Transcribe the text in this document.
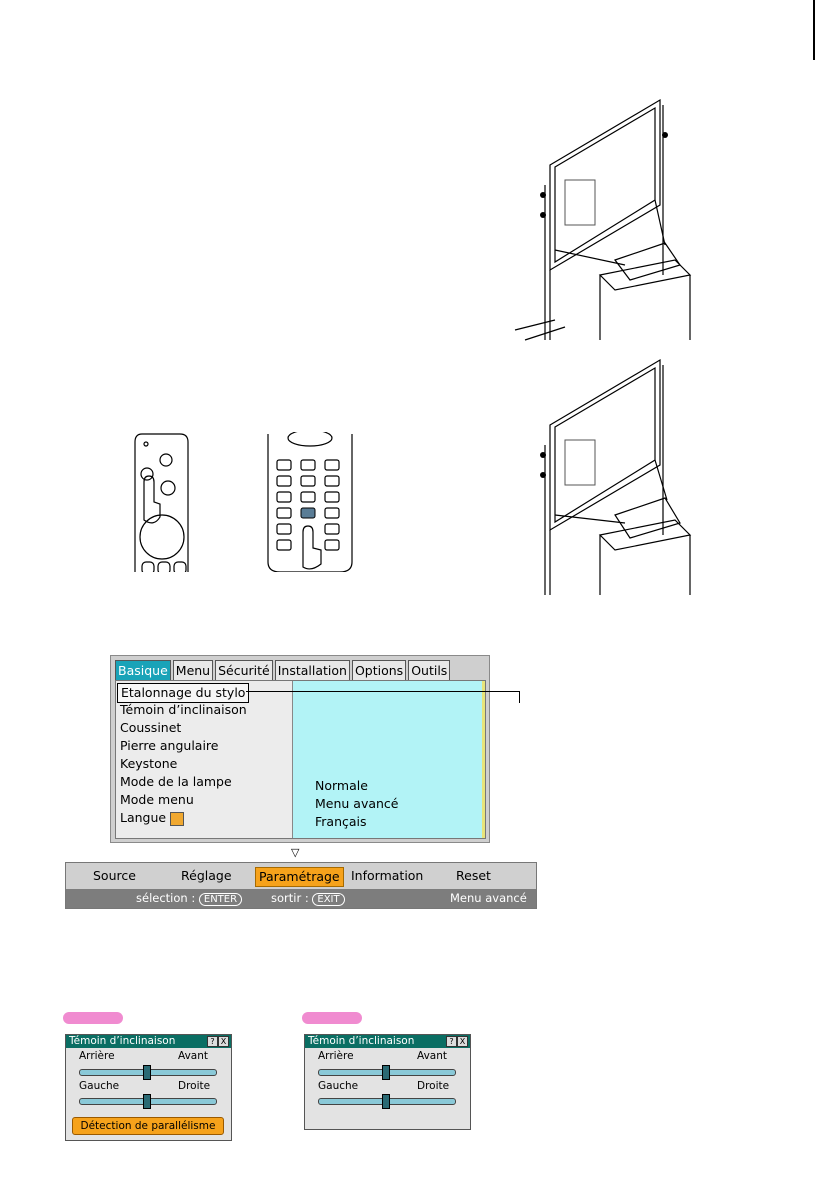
Basique Menu Sécurité Installation Options Outils
Etalonnage du stylo
Témoin d’inclinaison
Coussinet
Pierre angulaire
Keystone
Mode de la lampe
Mode menu
Langue
Normale
Menu avancé
Français
▽
Source	Réglage	Paramétrage Information	Reset
sélection : ENTER	sortir : EXIT	Menu avancé
Témoin d’inclinaison	? X
Arrière	Avant
Gauche	Droite
Détection de parallélisme
Témoin d’inclinaison	? X
Arrière	Avant
Gauche	Droite
